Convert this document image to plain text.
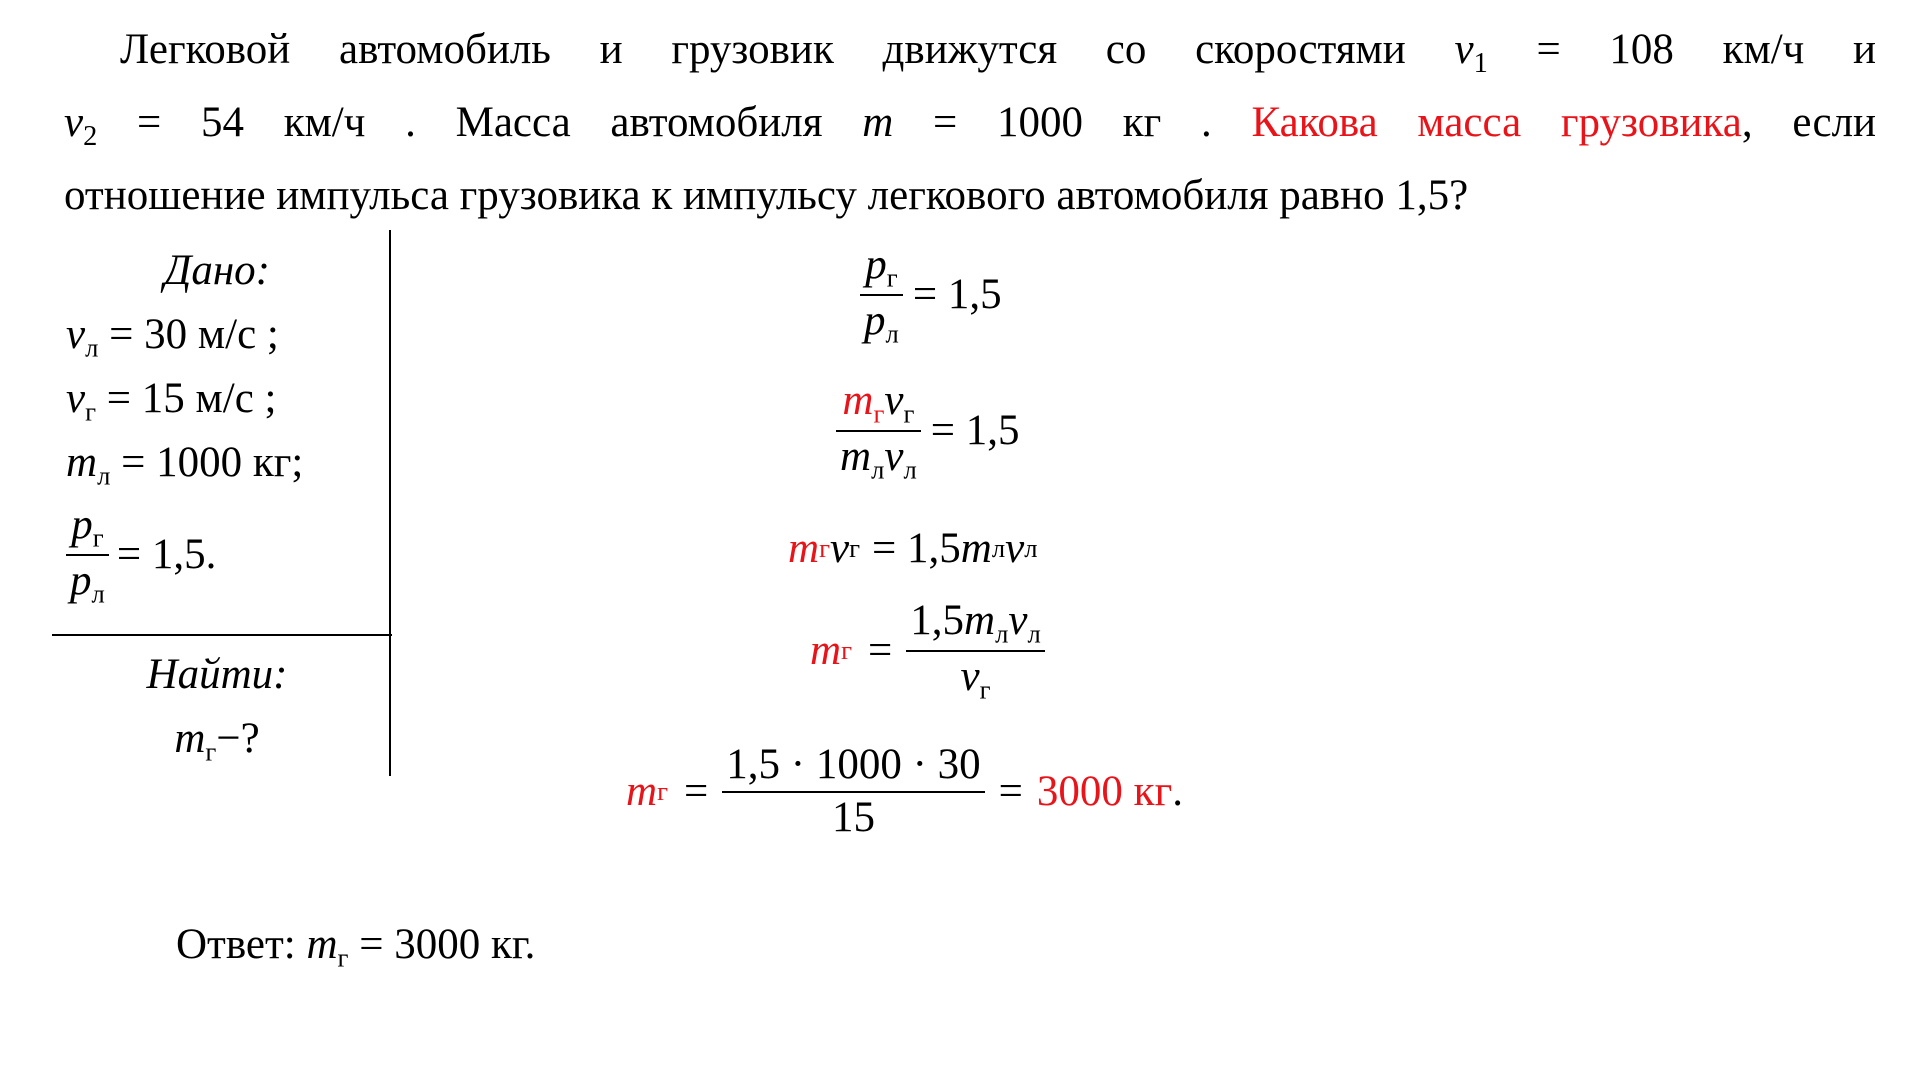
Легковой автомобиль и грузовик движутся со скоростями $v_1 = 108$ км/ч и
$v_2 = 54$ км/ч . Масса автомобиля m = 1000 кг . Какова масса грузовика, если
отношение импульса грузовика к импульсу легкового автомобиля равно 1,5?
Дано:
$v_л = 30$ м/с ;
$v_г = 15$ м/с ;
$m_л = 1000$ кг;
$\frac{p_г}{p_л} = 1,5$.
Найти:
$m_г-$?
$\frac{p_г}{p_л} = 1,5$
$\frac{m_гv_г}{m_лv_л} = 1,5$
m г v г = 1,5 m л v л
m $г = \frac{1,5m_лv_л}{v_г}$
m $г = \frac{1,5 \cdot 1000 \cdot 30}{15} = 3000$ кг .
Ответ: $m_г = 3000$ кг.
